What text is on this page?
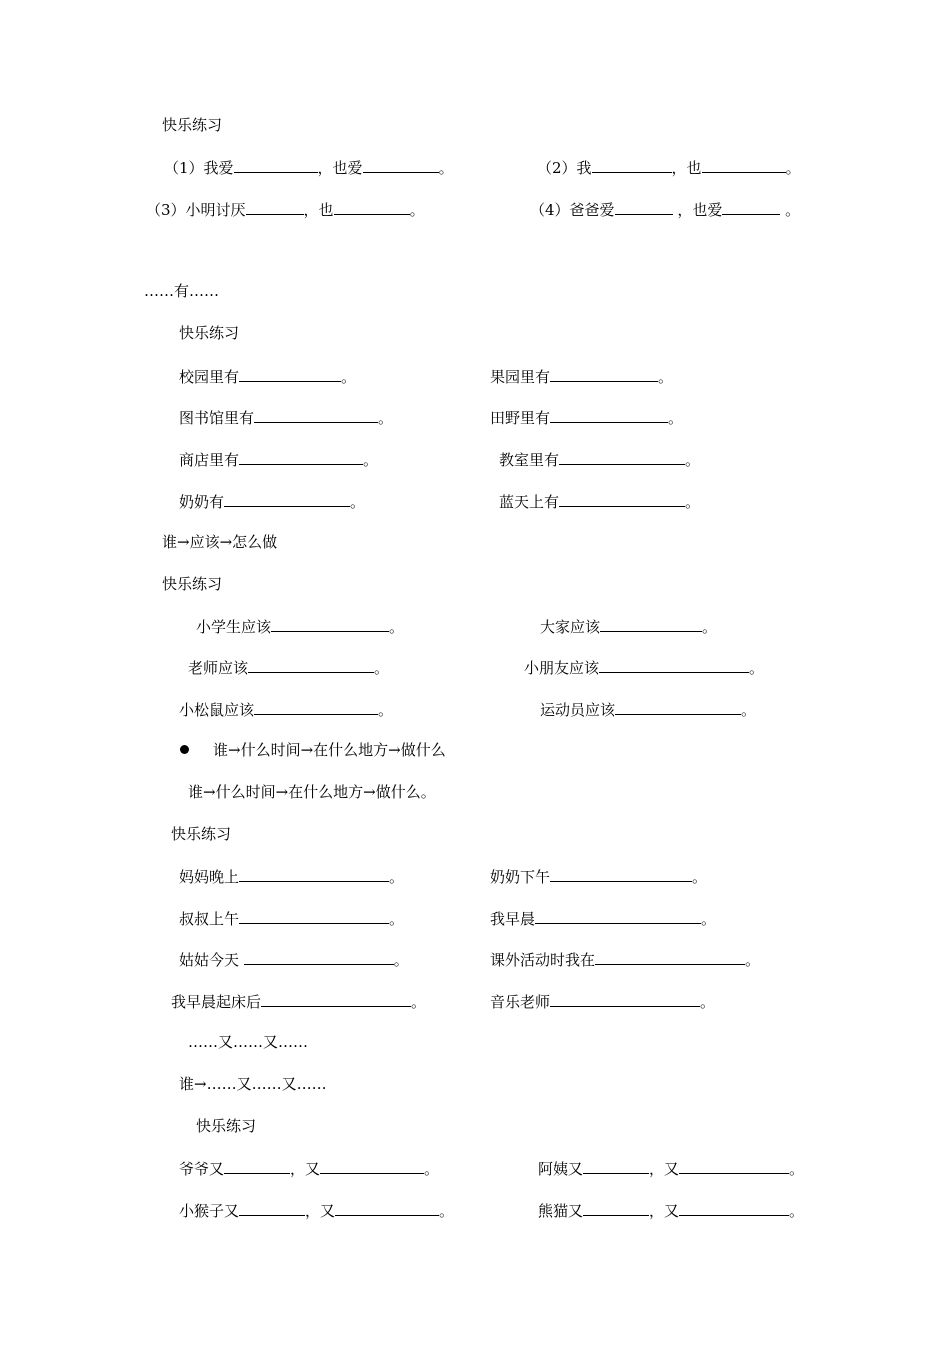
快乐练习
（1）我爱	，也爱	。	（2）我	，也	。
（3）小明讨厌	，也	。	（4）爸爸爱	，也爱	。
……有……
快乐练习
校园里有	。	果园里有	。
图书馆里有	。	田野里有	。
商店里有	。	教室里有	。
奶奶有	。	蓝天上有	。
谁→应该→怎么做
快乐练习
小学生应该	。	大家应该	。
老师应该	。	小朋友应该	。
小松鼠应该	。	运动员应该	。
谁→什么时间→在什么地方→做什么
谁→什么时间→在什么地方→做什么。
快乐练习
妈妈晚上	。	奶奶下午	。
叔叔上午	。	我早晨	。
姑姑今天	。	课外活动时我在	。
我早晨起床后	。	音乐老师	。
……又……又……
谁→……又……又……
快乐练习
爷爷又	，又	。	阿姨又	，又	。
小猴子又	，又	。	熊猫又	，又	。
